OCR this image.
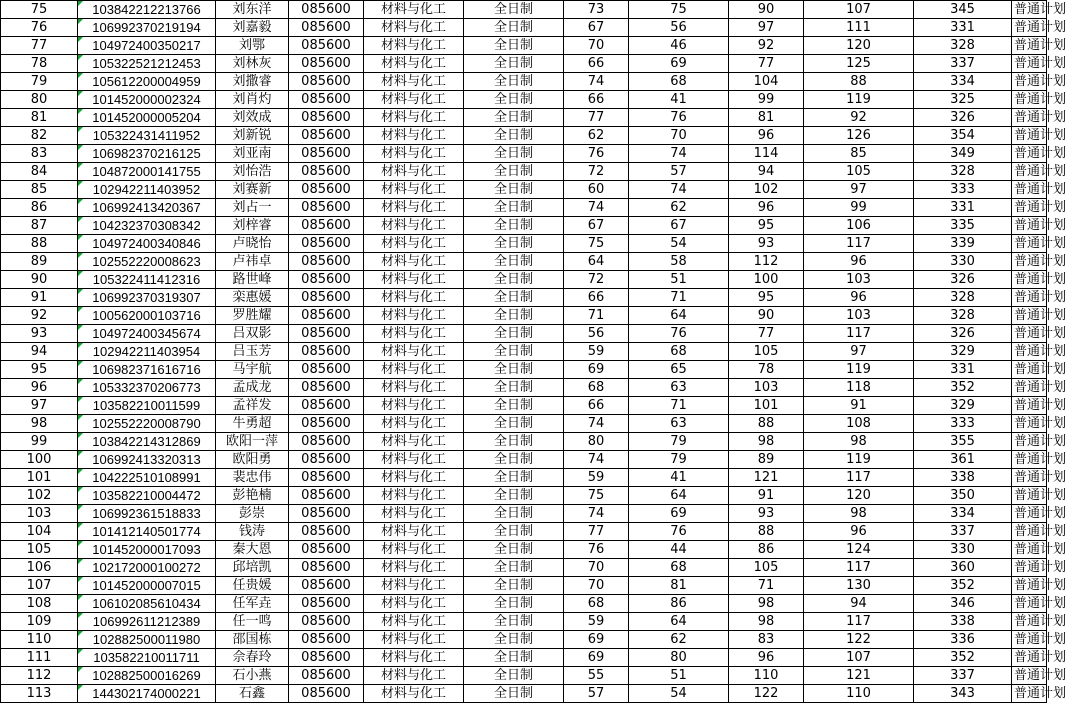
75	103842212213766	刘东洋	085600	材料与化工	全日制	73	75	90	107	345	普通计划
76	106992370219194	刘嘉毅	085600	材料与化工	全日制	67	56	97	111	331	普通计划
77	104972400350217	刘鄂	085600	材料与化工	全日制	70	46	92	120	328	普通计划
78	105322521212453	刘林灰	085600	材料与化工	全日制	66	69	77	125	337	普通计划
79	105612200004959	刘撒睿	085600	材料与化工	全日制	74	68	104	88	334	普通计划
80	101452000002324	刘肖灼	085600	材料与化工	全日制	66	41	99	119	325	普通计划
81	101452000005204	刘效成	085600	材料与化工	全日制	77	76	81	92	326	普通计划
82	105322431411952	刘新锐	085600	材料与化工	全日制	62	70	96	126	354	普通计划
83	106982370216125	刘亚南	085600	材料与化工	全日制	76	74	114	85	349	普通计划
84	104872000141755	刘怡浩	085600	材料与化工	全日制	72	57	94	105	328	普通计划
85	102942211403952	刘赛新	085600	材料与化工	全日制	60	74	102	97	333	普通计划
86	106992413420367	刘占一	085600	材料与化工	全日制	74	62	96	99	331	普通计划
87	104232370308342	刘梓睿	085600	材料与化工	全日制	67	67	95	106	335	普通计划
88	104972400340846	卢晓怡	085600	材料与化工	全日制	75	54	93	117	339	普通计划
89	102552220008623	卢祎卓	085600	材料与化工	全日制	64	58	112	96	330	普通计划
90	105322411412316	路世峰	085600	材料与化工	全日制	72	51	100	103	326	普通计划
91	106992370319307	栾惠媛	085600	材料与化工	全日制	66	71	95	96	328	普通计划
92	100562000103716	罗胜耀	085600	材料与化工	全日制	71	64	90	103	328	普通计划
93	104972400345674	吕双影	085600	材料与化工	全日制	56	76	77	117	326	普通计划
94	102942211403954	吕玉芳	085600	材料与化工	全日制	59	68	105	97	329	普通计划
95	106982371616716	马宇航	085600	材料与化工	全日制	69	65	78	119	331	普通计划
96	105332370206773	孟成龙	085600	材料与化工	全日制	68	63	103	118	352	普通计划
97	103582210011599	孟祥发	085600	材料与化工	全日制	66	71	101	91	329	普通计划
98	102552220008790	牛勇超	085600	材料与化工	全日制	74	63	88	108	333	普通计划
99	103842214312869	欧阳一萍	085600	材料与化工	全日制	80	79	98	98	355	普通计划
100	106992413320313	欧阳勇	085600	材料与化工	全日制	74	79	89	119	361	普通计划
101	104222510108991	裴忠伟	085600	材料与化工	全日制	59	41	121	117	338	普通计划
102	103582210004472	彭艳楠	085600	材料与化工	全日制	75	64	91	120	350	普通计划
103	106992361518833	彭崇	085600	材料与化工	全日制	74	69	93	98	334	普通计划
104	101412140501774	钱涛	085600	材料与化工	全日制	77	76	88	96	337	普通计划
105	101452000017093	秦大恩	085600	材料与化工	全日制	76	44	86	124	330	普通计划
106	102172000100272	邱培凯	085600	材料与化工	全日制	70	68	105	117	360	普通计划
107	101452000007015	任贵媛	085600	材料与化工	全日制	70	81	71	130	352	普通计划
108	106102085610434	任军垚	085600	材料与化工	全日制	68	86	98	94	346	普通计划
109	106992611212389	任一鸣	085600	材料与化工	全日制	59	64	98	117	338	普通计划
110	102882500011980	邵国栋	085600	材料与化工	全日制	69	62	83	122	336	普通计划
111	103582210011711	佘春玲	085600	材料与化工	全日制	69	80	96	107	352	普通计划
112	102882500016269	石小燕	085600	材料与化工	全日制	55	51	110	121	337	普通计划
113	144302174000221	石鑫	085600	材料与化工	全日制	57	54	122	110	343	普通计划
